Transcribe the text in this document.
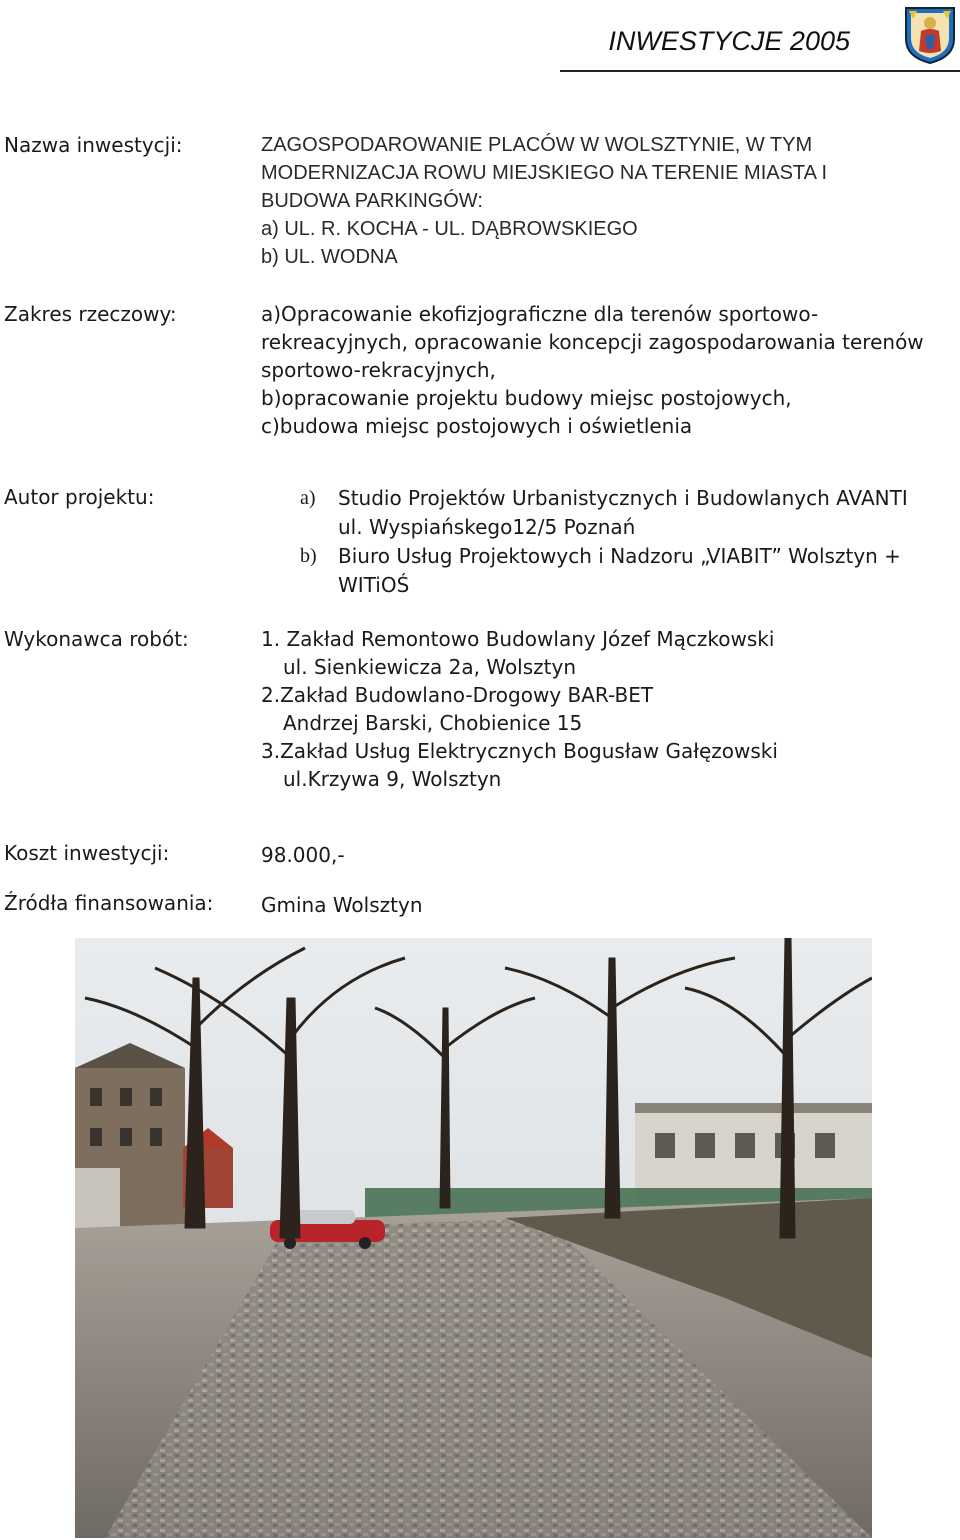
INWESTYCJE 2005
Nazwa inwestycji:	ZAGOSPODAROWANIE PLACÓW W WOLSZTYNIE, W TYM
MODERNIZACJA ROWU MIEJSKIEGO NA TERENIE MIASTA I
BUDOWA PARKINGÓW:
a) UL. R. KOCHA - UL. DĄBROWSKIEGO
b) UL. WODNA
Zakres rzeczowy:	a)Opracowanie ekofizjograficzne dla terenów sportowo-
rekreacyjnych, opracowanie koncepcji zagospodarowania terenów
sportowo-rekracyjnych,
b)opracowanie projektu budowy miejsc postojowych,
c)budowa miejsc postojowych i oświetlenia
Autor projektu:	a)	Studio Projektów Urbanistycznych i Budowlanych AVANTI
ul. Wyspiańskego12/5 Poznań
b)	Biuro Usług Projektowych i Nadzoru „VIABIT” Wolsztyn +
WITiOŚ
Wykonawca robót:	1. Zakład Remontowo Budowlany Józef Mączkowski
ul. Sienkiewicza 2a, Wolsztyn
2.Zakład Budowlano-Drogowy BAR-BET
Andrzej Barski, Chobienice 15
3.Zakład Usług Elektrycznych Bogusław Gałęzowski
ul.Krzywa 9, Wolsztyn
Koszt inwestycji:	98.000,-
Źródła finansowania: Gmina Wolsztyn
